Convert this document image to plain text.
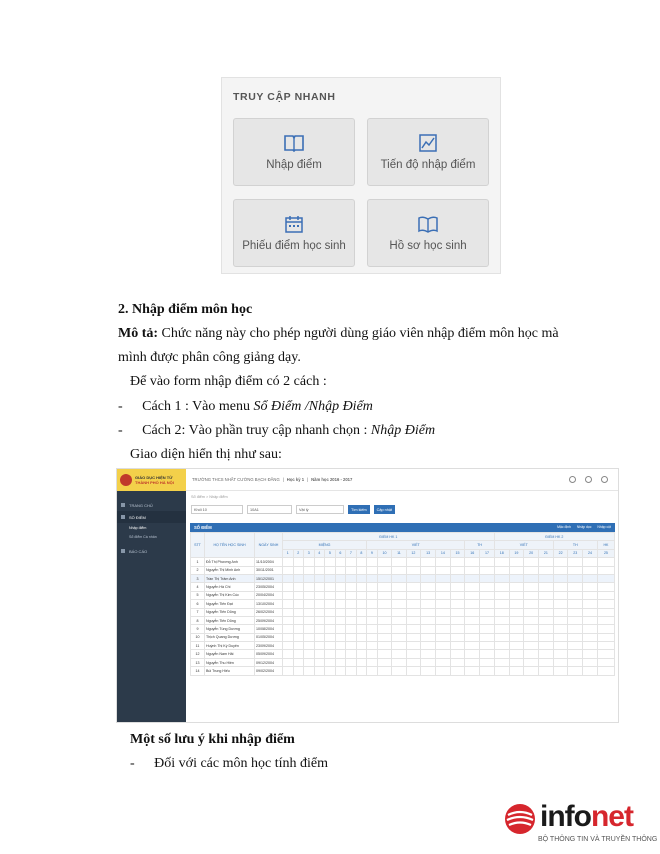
TRUY CẬP NHANH
Nhập điểm	Tiến độ nhập điểm
Phiếu điểm học sinh	Hồ sơ học sinh
2. Nhập điểm môn học
Mô tả: Chức năng này cho phép người dùng giáo viên nhập điểm môn học mà
mình được phân công giảng dạy.
Để vào form nhập điểm có 2 cách :
- Cách 1 : Vào menu Sổ Điểm /Nhập Điểm
- Cách 2: Vào phần truy cập nhanh chọn : Nhập Điểm
Giao diện hiển thị như sau:
GIÁO DỤC HIỆN TỬ
THÀNH PHỐ HÀ NỘI
TRANG CHỦ
SỔ ĐIỂM
Nhập điểm
Sổ điểm Cá nhân
BÁO CÁO
TRƯỜNG THCS NHẤT CƯỜNG BẠCH ĐẰNG | Học kỳ 1 | Năm học 2016 - 2017
Sổ điểm > Nhập điểm
Khối 10	10A1	Vật lý	Tìm kiếm	Cập nhật
SỔ ĐIỂM	Mặc định Nhập dọc Nhập cột
STT	HỌ TÊN HỌC SINH	NGÀY SINH	ĐIỂM HK 1																	ĐIỂM HK 2							
			MIỆNG								VIẾT							TH		VIẾT				TH			HK
			1	2	3	4	5	6	7	8	9	10	11	12	13	14	15	16	17	18	19	20	21	22	23	24	25
1	Đỗ Thị Phương Anh	11/10/2004																									
2	Nguyễn Thị Minh Anh	30/11/2001																									
3	Trần Thị Trâm Anh	15/12/2001																									
4	Nguyễn Hà Chi	23/05/2004																									
5	Nguyễn Thị Kim Cúc	20/04/2004																									
6	Nguyễn Tiến Đạt	13/10/2004																									
7	Nguyễn Tiến Dũng	26/02/2004																									
8	Nguyễn Tiến Dũng	25/09/2004																									
9	Nguyễn Tùng Dương	10/08/2004																									
10	Thịch Quang Dương	01/05/2004																									
11	Huỳnh Thị Kỳ Duyên	23/09/2004																									
12	Nguyễn Nam Hải	05/09/2004																									
13	Nguyễn Thu Hiền	09/12/2004																									
14	Bùi Trung Hiếu	09/02/2004																									
Một số lưu ý khi nhập điểm
- Đối với các môn học tính điểm
infonet
BỘ THÔNG TIN VÀ TRUYỀN THÔNG
